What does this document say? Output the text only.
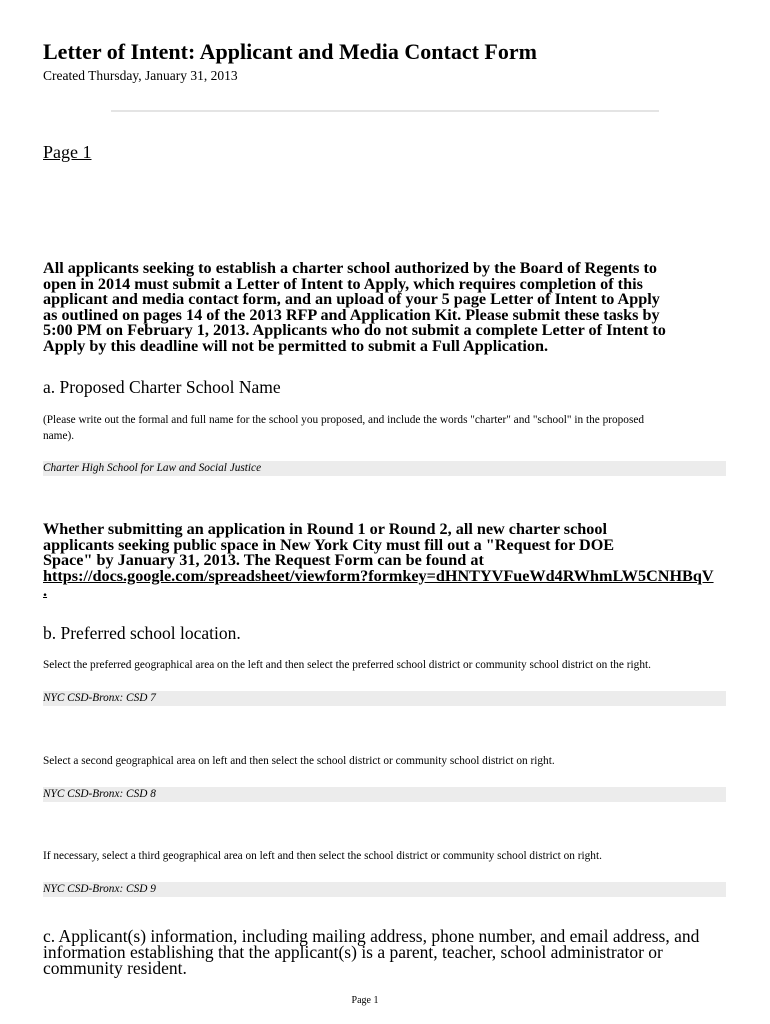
Letter of Intent: Applicant and Media Contact Form
Created Thursday, January 31, 2013
Page 1

All applicants seeking to establish a charter school authorized by the Board of Regents to
open in 2014 must submit a Letter of Intent to Apply, which requires completion of this
applicant and media contact form, and an upload of your 5 page Letter of Intent to Apply
as outlined on pages 14 of the 2013 RFP and Application Kit. Please submit these tasks by
5:00 PM on February 1, 2013. Applicants who do not submit a complete Letter of Intent to
Apply by this deadline will not be permitted to submit a Full Application.

a. Proposed Charter School Name
(Please write out the formal and full name for the school you proposed, and include the words "charter" and "school" in the proposed
name).
Charter High School for Law and Social Justice

Whether submitting an application in Round 1 or Round 2, all new charter school
applicants seeking public space in New York City must fill out a "Request for DOE
Space" by January 31, 2013. The Request Form can be found at
https://docs.google.com/spreadsheet/viewform?formkey=dHNTYVFueWd4RWhmLW5CNHBqV
.

b. Preferred school location.
Select the preferred geographical area on the left and then select the preferred school district or community school district on the right.
NYC CSD-Bronx: CSD 7
Select a second geographical area on left and then select the school district or community school district on right.
NYC CSD-Bronx: CSD 8
If necessary, select a third geographical area on left and then select the school district or community school district on right.
NYC CSD-Bronx: CSD 9
c. Applicant(s) information, including mailing address, phone number, and email address, and
information establishing that the applicant(s) is a parent, teacher, school administrator or
community resident.
Page 1
